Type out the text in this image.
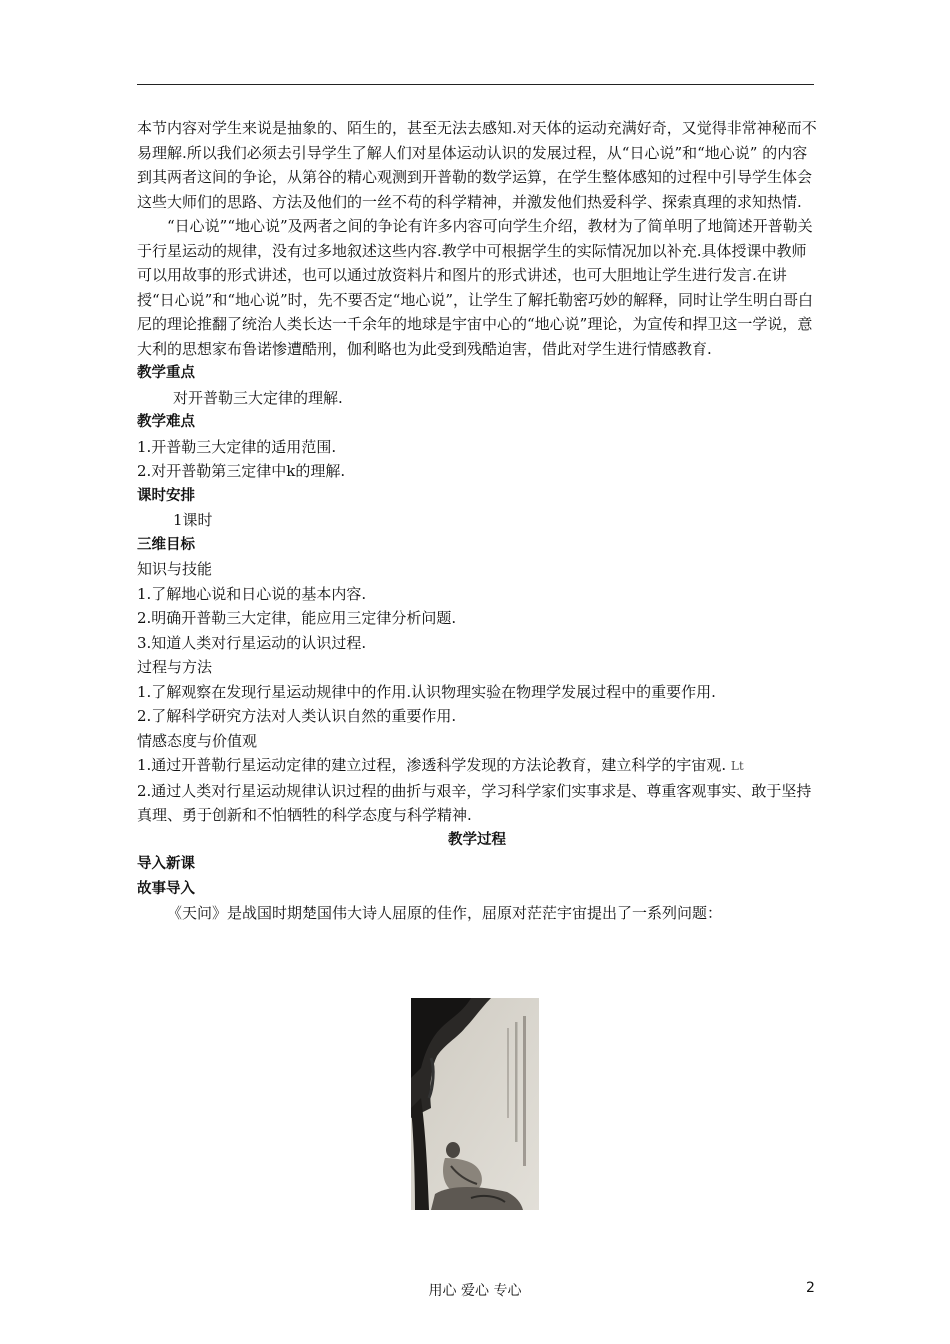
本节内容对学生来说是抽象的、陌生的，甚至无法去感知.对天体的运动充满好奇，又觉得非常神秘而不易理解.所以我们必须去引导学生了解人们对星体运动认识的发展过程，从“日心说”和“地心说” 的内容到其两者这间的争论，从第谷的精心观测到开普勒的数学运算，在学生整体感知的过程中引导学生体会这些大师们的思路、方法及他们的一丝不苟的科学精神，并激发他们热爱科学、探索真理的求知热情.

“日心说”“地心说”及两者之间的争论有许多内容可向学生介绍，教材为了简单明了地简述开普勒关于行星运动的规律，没有过多地叙述这些内容.教学中可根据学生的实际情况加以补充.具体授课中教师可以用故事的形式讲述，也可以通过放资料片和图片的形式讲述，也可大胆地让学生进行发言.在讲授“日心说”和“地心说”时，先不要否定“地心说”，让学生了解托勒密巧妙的解释，同时让学生明白哥白尼的理论推翻了统治人类长达一千余年的地球是宇宙中心的“地心说”理论，为宣传和捍卫这一学说，意大利的思想家布鲁诺惨遭酷刑，伽利略也为此受到残酷迫害，借此对学生进行情感教育.

教学重点

对开普勒三大定律的理解.

教学难点

1.开普勒三大定律的适用范围.

2.对开普勒第三定律中k的理解.

课时安排

1课时

三维目标

知识与技能

1.了解地心说和日心说的基本内容.

2.明确开普勒三大定律，能应用三定律分析问题.

3.知道人类对行星运动的认识过程.

过程与方法

1.了解观察在发现行星运动规律中的作用.认识物理实验在物理学发展过程中的重要作用.

2.了解科学研究方法对人类认识自然的重要作用.

情感态度与价值观

1.通过开普勒行星运动定律的建立过程，渗透科学发现的方法论教育，建立科学的宇宙观. Lt

2.通过人类对行星运动规律认识过程的曲折与艰辛，学习科学家们实事求是、尊重客观事实、敢于坚持真理、勇于创新和不怕牺牲的科学态度与科学精神.

教学过程

导入新课

故事导入

《天问》是战国时期楚国伟大诗人屈原的佳作，屈原对茫茫宇宙提出了一系列问题：

用心 爱心 专心	2
